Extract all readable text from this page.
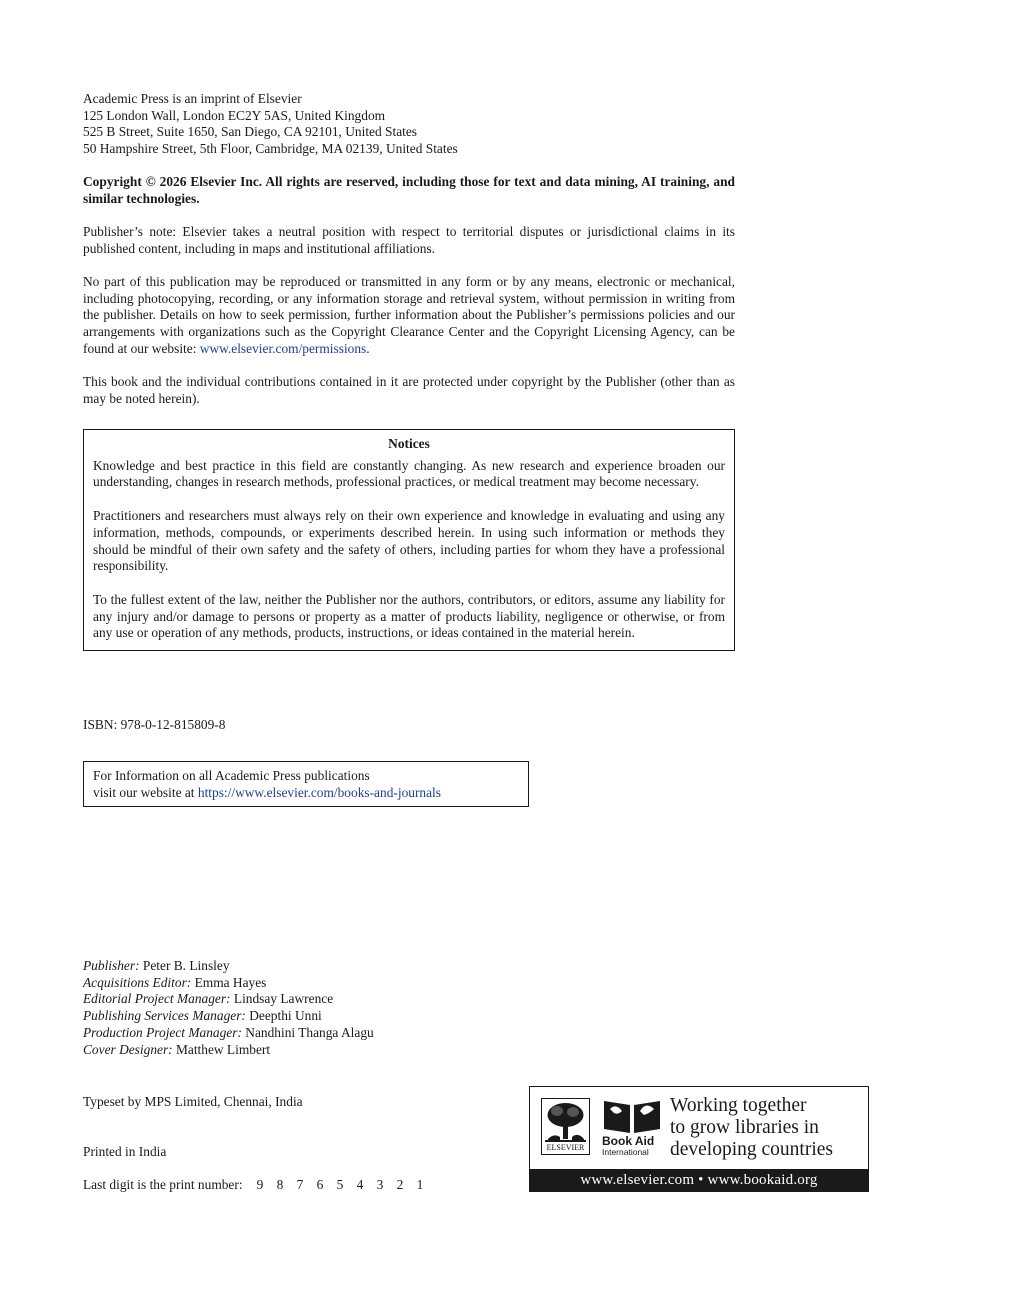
Academic Press is an imprint of Elsevier
125 London Wall, London EC2Y 5AS, United Kingdom
525 B Street, Suite 1650, San Diego, CA 92101, United States
50 Hampshire Street, 5th Floor, Cambridge, MA 02139, United States

Copyright © 2026 Elsevier Inc. All rights are reserved, including those for text and data mining, AI training, and similar technologies.

Publisher’s note: Elsevier takes a neutral position with respect to territorial disputes or jurisdictional claims in its published content, including in maps and institutional affiliations.

No part of this publication may be reproduced or transmitted in any form or by any means, electronic or mechanical, including photocopying, recording, or any information storage and retrieval system, without permission in writing from the publisher. Details on how to seek permission, further information about the Publisher’s permissions policies and our arrangements with organizations such as the Copyright Clearance Center and the Copyright Licensing Agency, can be found at our website: www.elsevier.com/permissions.

This book and the individual contributions contained in it are protected under copyright by the Publisher (other than as may be noted herein).

Notices

Knowledge and best practice in this field are constantly changing. As new research and experience broaden our understanding, changes in research methods, professional practices, or medical treatment may become necessary.

Practitioners and researchers must always rely on their own experience and knowledge in evaluating and using any information, methods, compounds, or experiments described herein. In using such information or methods they should be mindful of their own safety and the safety of others, including parties for whom they have a professional responsibility.

To the fullest extent of the law, neither the Publisher nor the authors, contributors, or editors, assume any liability for any injury and/or damage to persons or property as a matter of products liability, negligence or otherwise, or from any use or operation of any methods, products, instructions, or ideas contained in the material herein.

ISBN: 978-0-12-815809-8
For Information on all Academic Press publications
visit our website at https://www.elsevier.com/books-and-journals
Publisher: Peter B. Linsley
Acquisitions Editor: Emma Hayes
Editorial Project Manager: Lindsay Lawrence
Publishing Services Manager: Deepthi Unni
Production Project Manager: Nandhini Thanga Alagu
Cover Designer: Matthew Limbert
Typeset by MPS Limited, Chennai, India
Printed in India
Last digit is the print number: 9 8 7 6 5 4 3 2 1
ELSEVIER	Book Aid
International
Working together
to grow libraries in
developing countries
www.elsevier.com • www.bookaid.org
